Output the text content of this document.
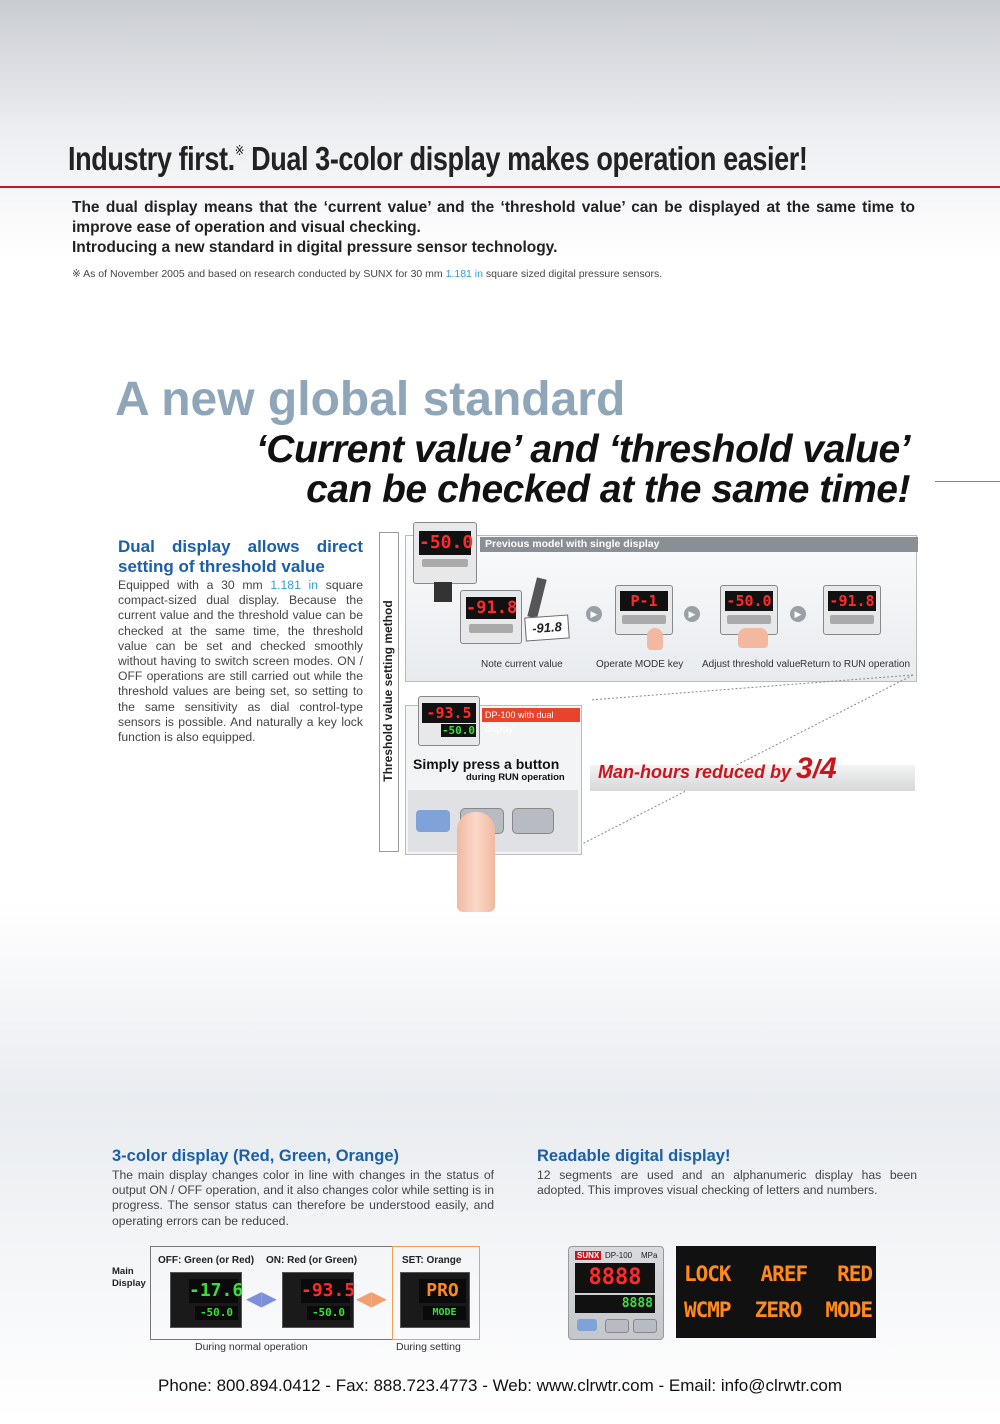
Industry first.※ Dual 3-color display makes operation easier!
The dual display means that the ‘current value’ and the ‘threshold value’ can be displayed at the same time to improve ease of operation and visual checking.
Introducing a new standard in digital pressure sensor technology.
※ As of November 2005 and based on research conducted by SUNX for 30 mm 1.181 in square sized digital pressure sensors.
A new global standard
‘Current value’ and ‘threshold value’
can be checked at the same time!
Dual display allows direct
setting of threshold value
Equipped with a 30 mm 1.181 in square compact-sized dual display. Because the current value and the threshold value can be checked at the same time, the threshold value can be set and checked smoothly without having to switch screen modes. ON / OFF operations are still carried out while the threshold values are being set, so setting to the same sensitivity as dial control-type sensors is possible. And naturally a key lock function is also equipped.	Threshold value setting method
Previous model with single display
-50.0
-91.8
-91.8
▶
P-1
▶
-50.0
▶
-91.8
Note current value	Operate MODE key Adjust threshold value Return to RUN operation
-93.5
-50.0
DP-100 with dual display
Simply press a button
during RUN operation Man-hours reduced by 3/4
3-color display (Red, Green, Orange)
The main display changes color in line with changes in the status of output ON / OFF operation, and it also changes color while setting is in progress. The sensor status can therefore be understood easily, and operating errors can be reduced.
Main Display
OFF: Green (or Red) ON: Red (or Green)	SET: Orange
-17.6
-50.0
◀▶ -93.5
-50.0
◀▶	PRO
MODE
During normal operation	During setting
Readable digital display!
12 segments are used and an alphanumeric display has been adopted. This improves visual checking of letters and numbers.
SUNX DP-100 MPa
8888
8888
LOCK AREF RED
WCMP ZERO MODE
Phone: 800.894.0412 - Fax: 888.723.4773 - Web: www.clrwtr.com - Email: info@clrwtr.com
